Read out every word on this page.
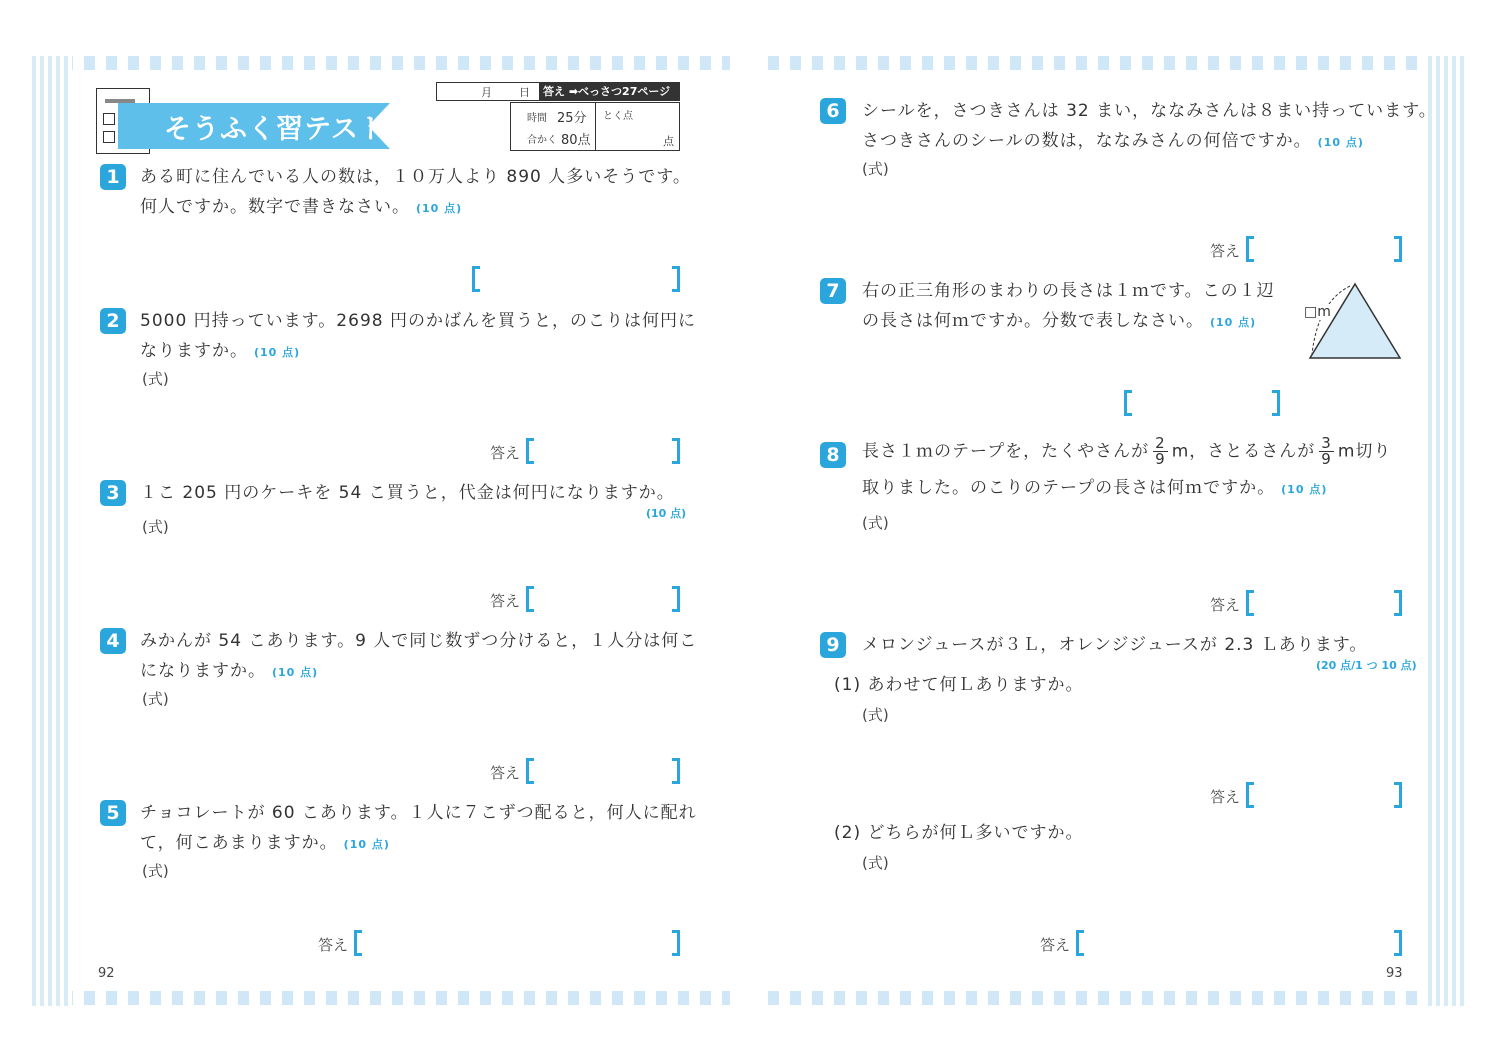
そうふく習テスト①
月 日	答え ➡べっさつ27ページ
時間 25分
合かく 80点
とく点
点
1	ある町に住んでいる人の数は，１０万人より 890 人多いそうです。
何人ですか。数字で書きなさい。 (10 点)
2	5000 円持っています。2698 円のかばんを買うと，のこりは何円に
なりますか。 (10 点)
(式)
答え
3	１こ 205 円のケーキを 54 こ買うと，代金は何円になりますか。
(10 点)
(式)
答え
4	みかんが 54 こあります。9 人で同じ数ずつ分けると，１人分は何こ
になりますか。 (10 点)
(式)
答え
5	チョコレートが 60 こあります。１人に７こずつ配ると，何人に配れ
て，何こあまりますか。 (10 点)
(式)
答え
92
6	シールを，さつきさんは 32 まい，ななみさんは８まい持っています。
さつきさんのシールの数は，ななみさんの何倍ですか。 (10 点)
(式)
答え
7	右の正三角形のまわりの長さは１ｍです。この１辺
の長さは何ｍですか。分数で表しなさい。 (10 点)
□m
8	長さ１ｍのテープを，たくやさんが $\frac{2}{9}$ m，さとるさんが $\frac{3}{9}$ m切り
取りました。のこりのテープの長さは何ｍですか。 (10 点)
(式)
答え
9	メロンジュースが３Ｌ，オレンジジュースが 2.3 Ｌあります。
(20 点/1 つ 10 点)
(1) あわせて何Ｌありますか。
(式)
答え
(2) どちらが何Ｌ多いですか。
(式)
答え
93
